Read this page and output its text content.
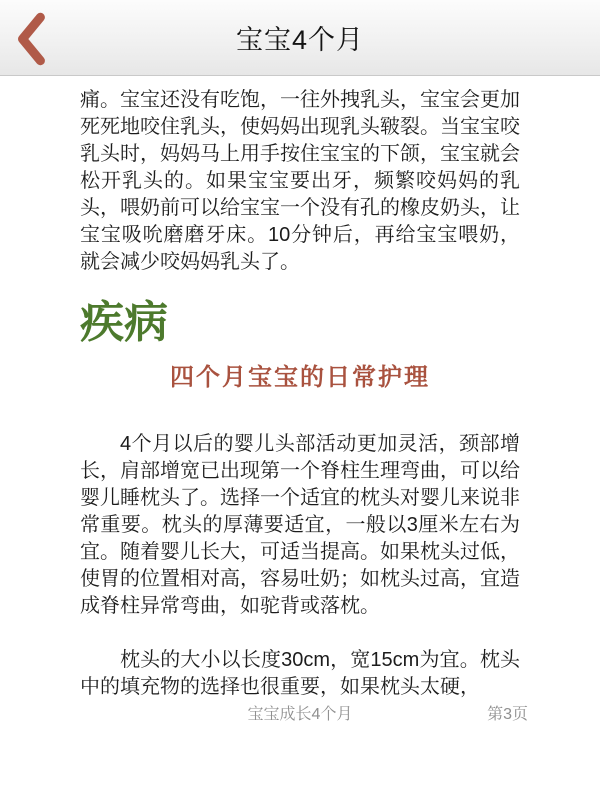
宝宝4个月

痛。宝宝还没有吃饱，一往外拽乳头，宝宝会更加死死地咬住乳头，使妈妈出现乳头皲裂。当宝宝咬乳头时，妈妈马上用手按住宝宝的下颌，宝宝就会松开乳头的。如果宝宝要出牙，频繁咬妈妈的乳头，喂奶前可以给宝宝一个没有孔的橡皮奶头，让宝宝吸吮磨磨牙床。10分钟后，再给宝宝喂奶，就会减少咬妈妈乳头了。

疾病
四个月宝宝的日常护理

4个月以后的婴儿头部活动更加灵活，颈部增长，肩部增宽已出现第一个脊柱生理弯曲，可以给婴儿睡枕头了。选择一个适宜的枕头对婴儿来说非常重要。枕头的厚薄要适宜，一般以3厘米左右为宜。随着婴儿长大，可适当提高。如果枕头过低，使胃的位置相对高，容易吐奶；如枕头过高，宜造成脊柱异常弯曲，如驼背或落枕。

枕头的大小以长度30cm，宽15cm为宜。枕头中的填充物的选择也很重要，如果枕头太硬，

宝宝成长4个月	第3页
